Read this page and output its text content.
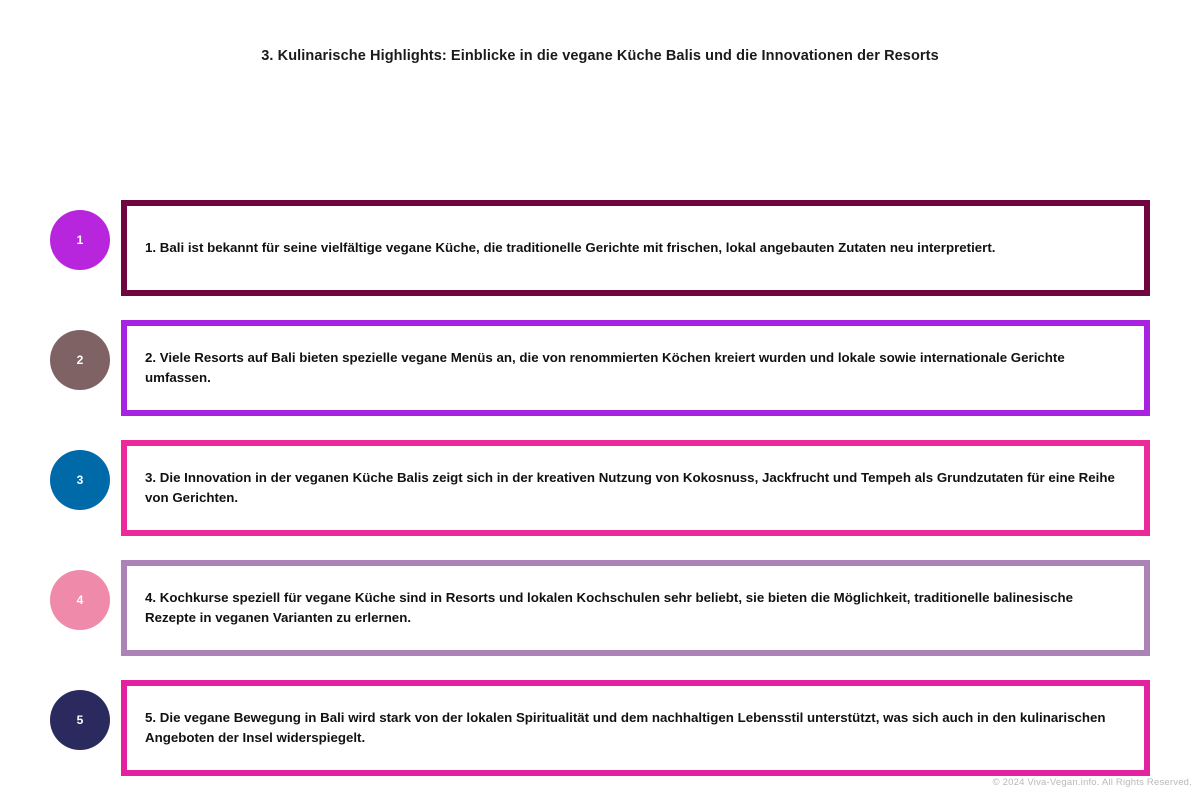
3. Kulinarische Highlights: Einblicke in die vegane Küche Balis und die Innovationen der Resorts
1
1. Bali ist bekannt für seine vielfältige vegane Küche, die traditionelle Gerichte mit frischen, lokal angebauten Zutaten neu interpretiert.
2	2. Viele Resorts auf Bali bieten spezielle vegane Menüs an, die von renommierten Köchen kreiert wurden und lokale sowie internationale Gerichte umfassen.
3	3. Die Innovation in der veganen Küche Balis zeigt sich in der kreativen Nutzung von Kokosnuss, Jackfrucht und Tempeh als Grundzutaten für eine Reihe von Gerichten.
4	4. Kochkurse speziell für vegane Küche sind in Resorts und lokalen Kochschulen sehr beliebt, sie bieten die Möglichkeit, traditionelle balinesische Rezepte in veganen Varianten zu erlernen.
5	5. Die vegane Bewegung in Bali wird stark von der lokalen Spiritualität und dem nachhaltigen Lebensstil unterstützt, was sich auch in den kulinarischen Angeboten der Insel widerspiegelt.
© 2024 Viva-Vegan.info. All Rights Reserved.
